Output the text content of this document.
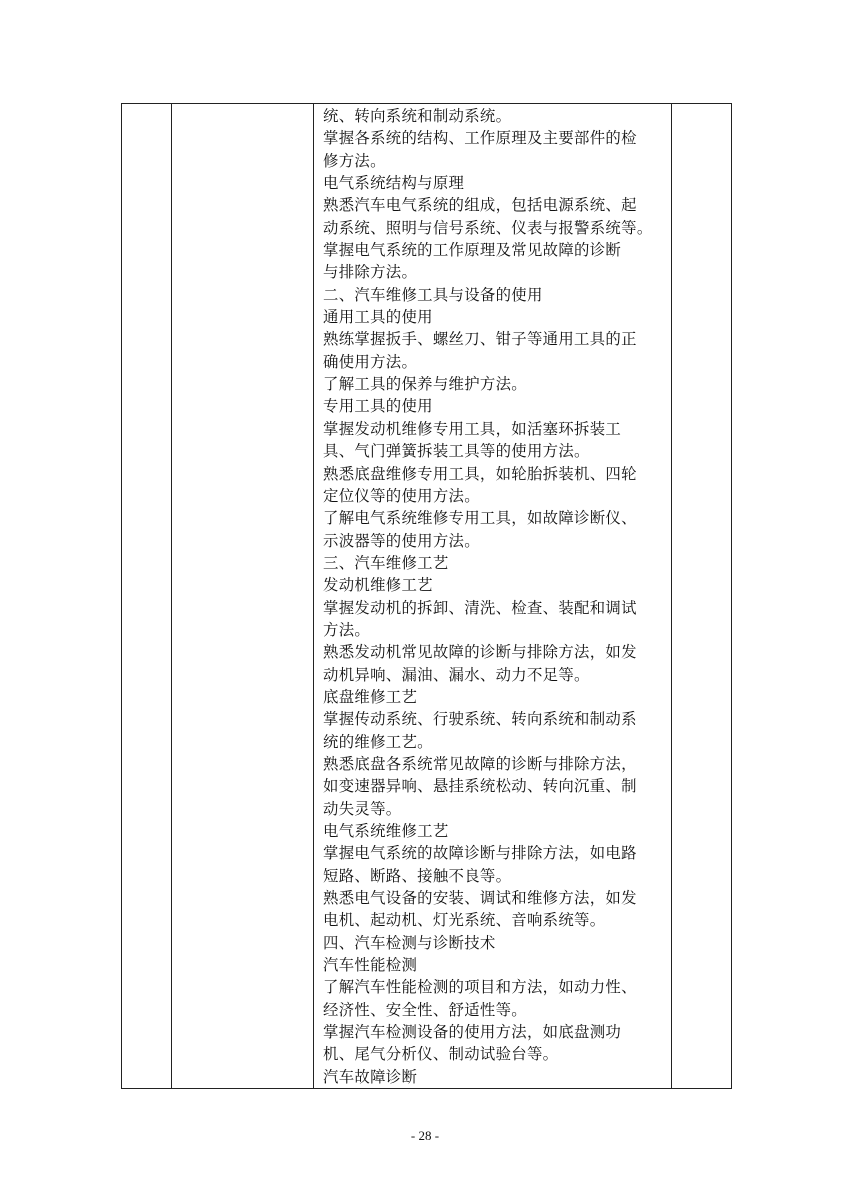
统、转向系统和制动系统。
掌握各系统的结构、工作原理及主要部件的检
修方法。
电气系统结构与原理
熟悉汽车电气系统的组成，包括电源系统、起
动系统、照明与信号系统、仪表与报警系统等。
掌握电气系统的工作原理及常见故障的诊断
与排除方法。
二、汽车维修工具与设备的使用
通用工具的使用
熟练掌握扳手、螺丝刀、钳子等通用工具的正
确使用方法。
了解工具的保养与维护方法。
专用工具的使用
掌握发动机维修专用工具，如活塞环拆装工
具、气门弹簧拆装工具等的使用方法。
熟悉底盘维修专用工具，如轮胎拆装机、四轮
定位仪等的使用方法。
了解电气系统维修专用工具，如故障诊断仪、
示波器等的使用方法。
三、汽车维修工艺
发动机维修工艺
掌握发动机的拆卸、清洗、检查、装配和调试
方法。
熟悉发动机常见故障的诊断与排除方法，如发
动机异响、漏油、漏水、动力不足等。
底盘维修工艺
掌握传动系统、行驶系统、转向系统和制动系
统的维修工艺。
熟悉底盘各系统常见故障的诊断与排除方法，
如变速器异响、悬挂系统松动、转向沉重、制
动失灵等。
电气系统维修工艺
掌握电气系统的故障诊断与排除方法，如电路
短路、断路、接触不良等。
熟悉电气设备的安装、调试和维修方法，如发
电机、起动机、灯光系统、音响系统等。
四、汽车检测与诊断技术
汽车性能检测
了解汽车性能检测的项目和方法，如动力性、
经济性、安全性、舒适性等。
掌握汽车检测设备的使用方法，如底盘测功
机、尾气分析仪、制动试验台等。
汽车故障诊断

- 28 -
